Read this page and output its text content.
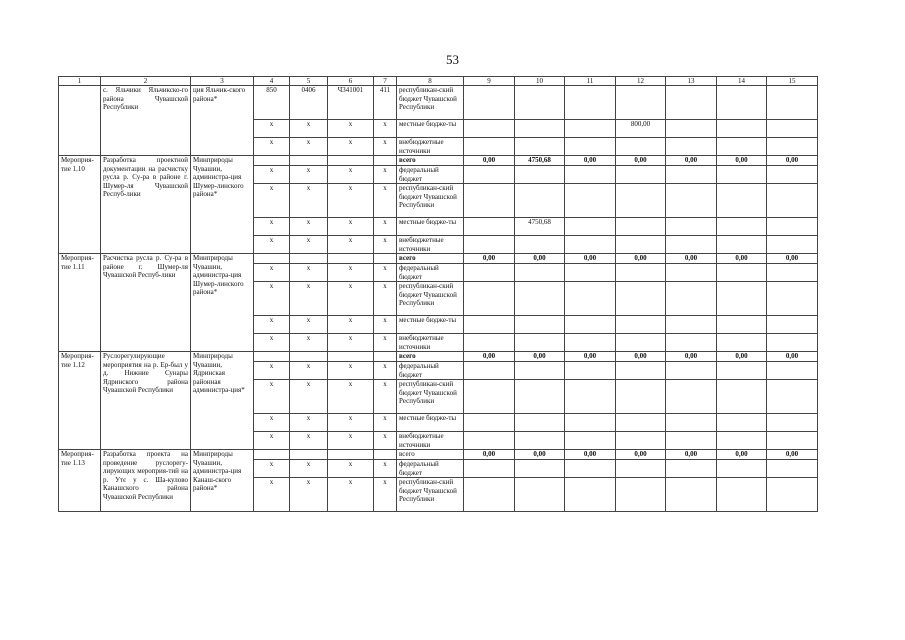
53
1	2	3	4	5	6	7	8	9	10	11	12	13	14	15
	с. Яльчики Яльчикско-го района Чувашской Республики	ция Яльчик-ского района*	850	0406	Ч341001	411	республикан-ский бюджет Чувашской Республики							
			x	x	x	x	местные бюдже-ты				800,00			
			x	x	x	x	внебюджетные источники							
Мероприя-тие 1.10	Разработка проектной документации на расчистку русла р. Су-ра в районе г. Шумер-ля Чувашской Респуб-лики	Минприроды Чувашии, администра-ция Шумер-линского района*					всего	0,00	4750,68	0,00	0,00	0,00	0,00	0,00
			x	x	x	x	федеральный бюджет							
			x	x	x	x	республикан-ский бюджет Чувашской Республики							
			x	x	x	x	местные бюдже-ты		4750,68					
			x	x	x	x	внебюджетные источники							
Мероприя-тие 1.11	Расчистка русла р. Су-ра в районе г. Шумер-ля Чувашской Респуб-лики	Минприроды Чувашии, администра-ция Шумер-линского района*					всего	0,00	0,00	0,00	0,00	0,00	0,00	0,00
			x	x	x	x	федеральный бюджет							
			x	x	x	x	республикан-ский бюджет Чувашской Республики							
			x	x	x	x	местные бюдже-ты							
			x	x	x	x	внебюджетные источники							
Мероприя-тие 1.12	Руслорегулирующие мероприятия на р. Ер-был у д. Нижние Сунары Ядринского района Чувашской Республики	Минприроды Чувашии, Ядринская районная администра-ция*					всего	0,00	0,00	0,00	0,00	0,00	0,00	0,00
			x	x	x	x	федеральный бюджет							
			x	x	x	x	республикан-ский бюджет Чувашской Республики							
			x	x	x	x	местные бюдже-ты							
			x	x	x	x	внебюджетные источники							
Мероприя-тие 1.13	Разработка проекта на проведение руслорегу-лирующих мероприя-тий на р. Утє у с. Ша-кулово Канашского района Чувашской Республики	Минприроды Чувашии, администра-ция Канаш-ского района*					всего	0,00	0,00	0,00	0,00	0,00	0,00	0,00
			x	x	x	x	федеральный бюджет							
			x	x	x	x	республикан-ский бюджет Чувашской Республики							
